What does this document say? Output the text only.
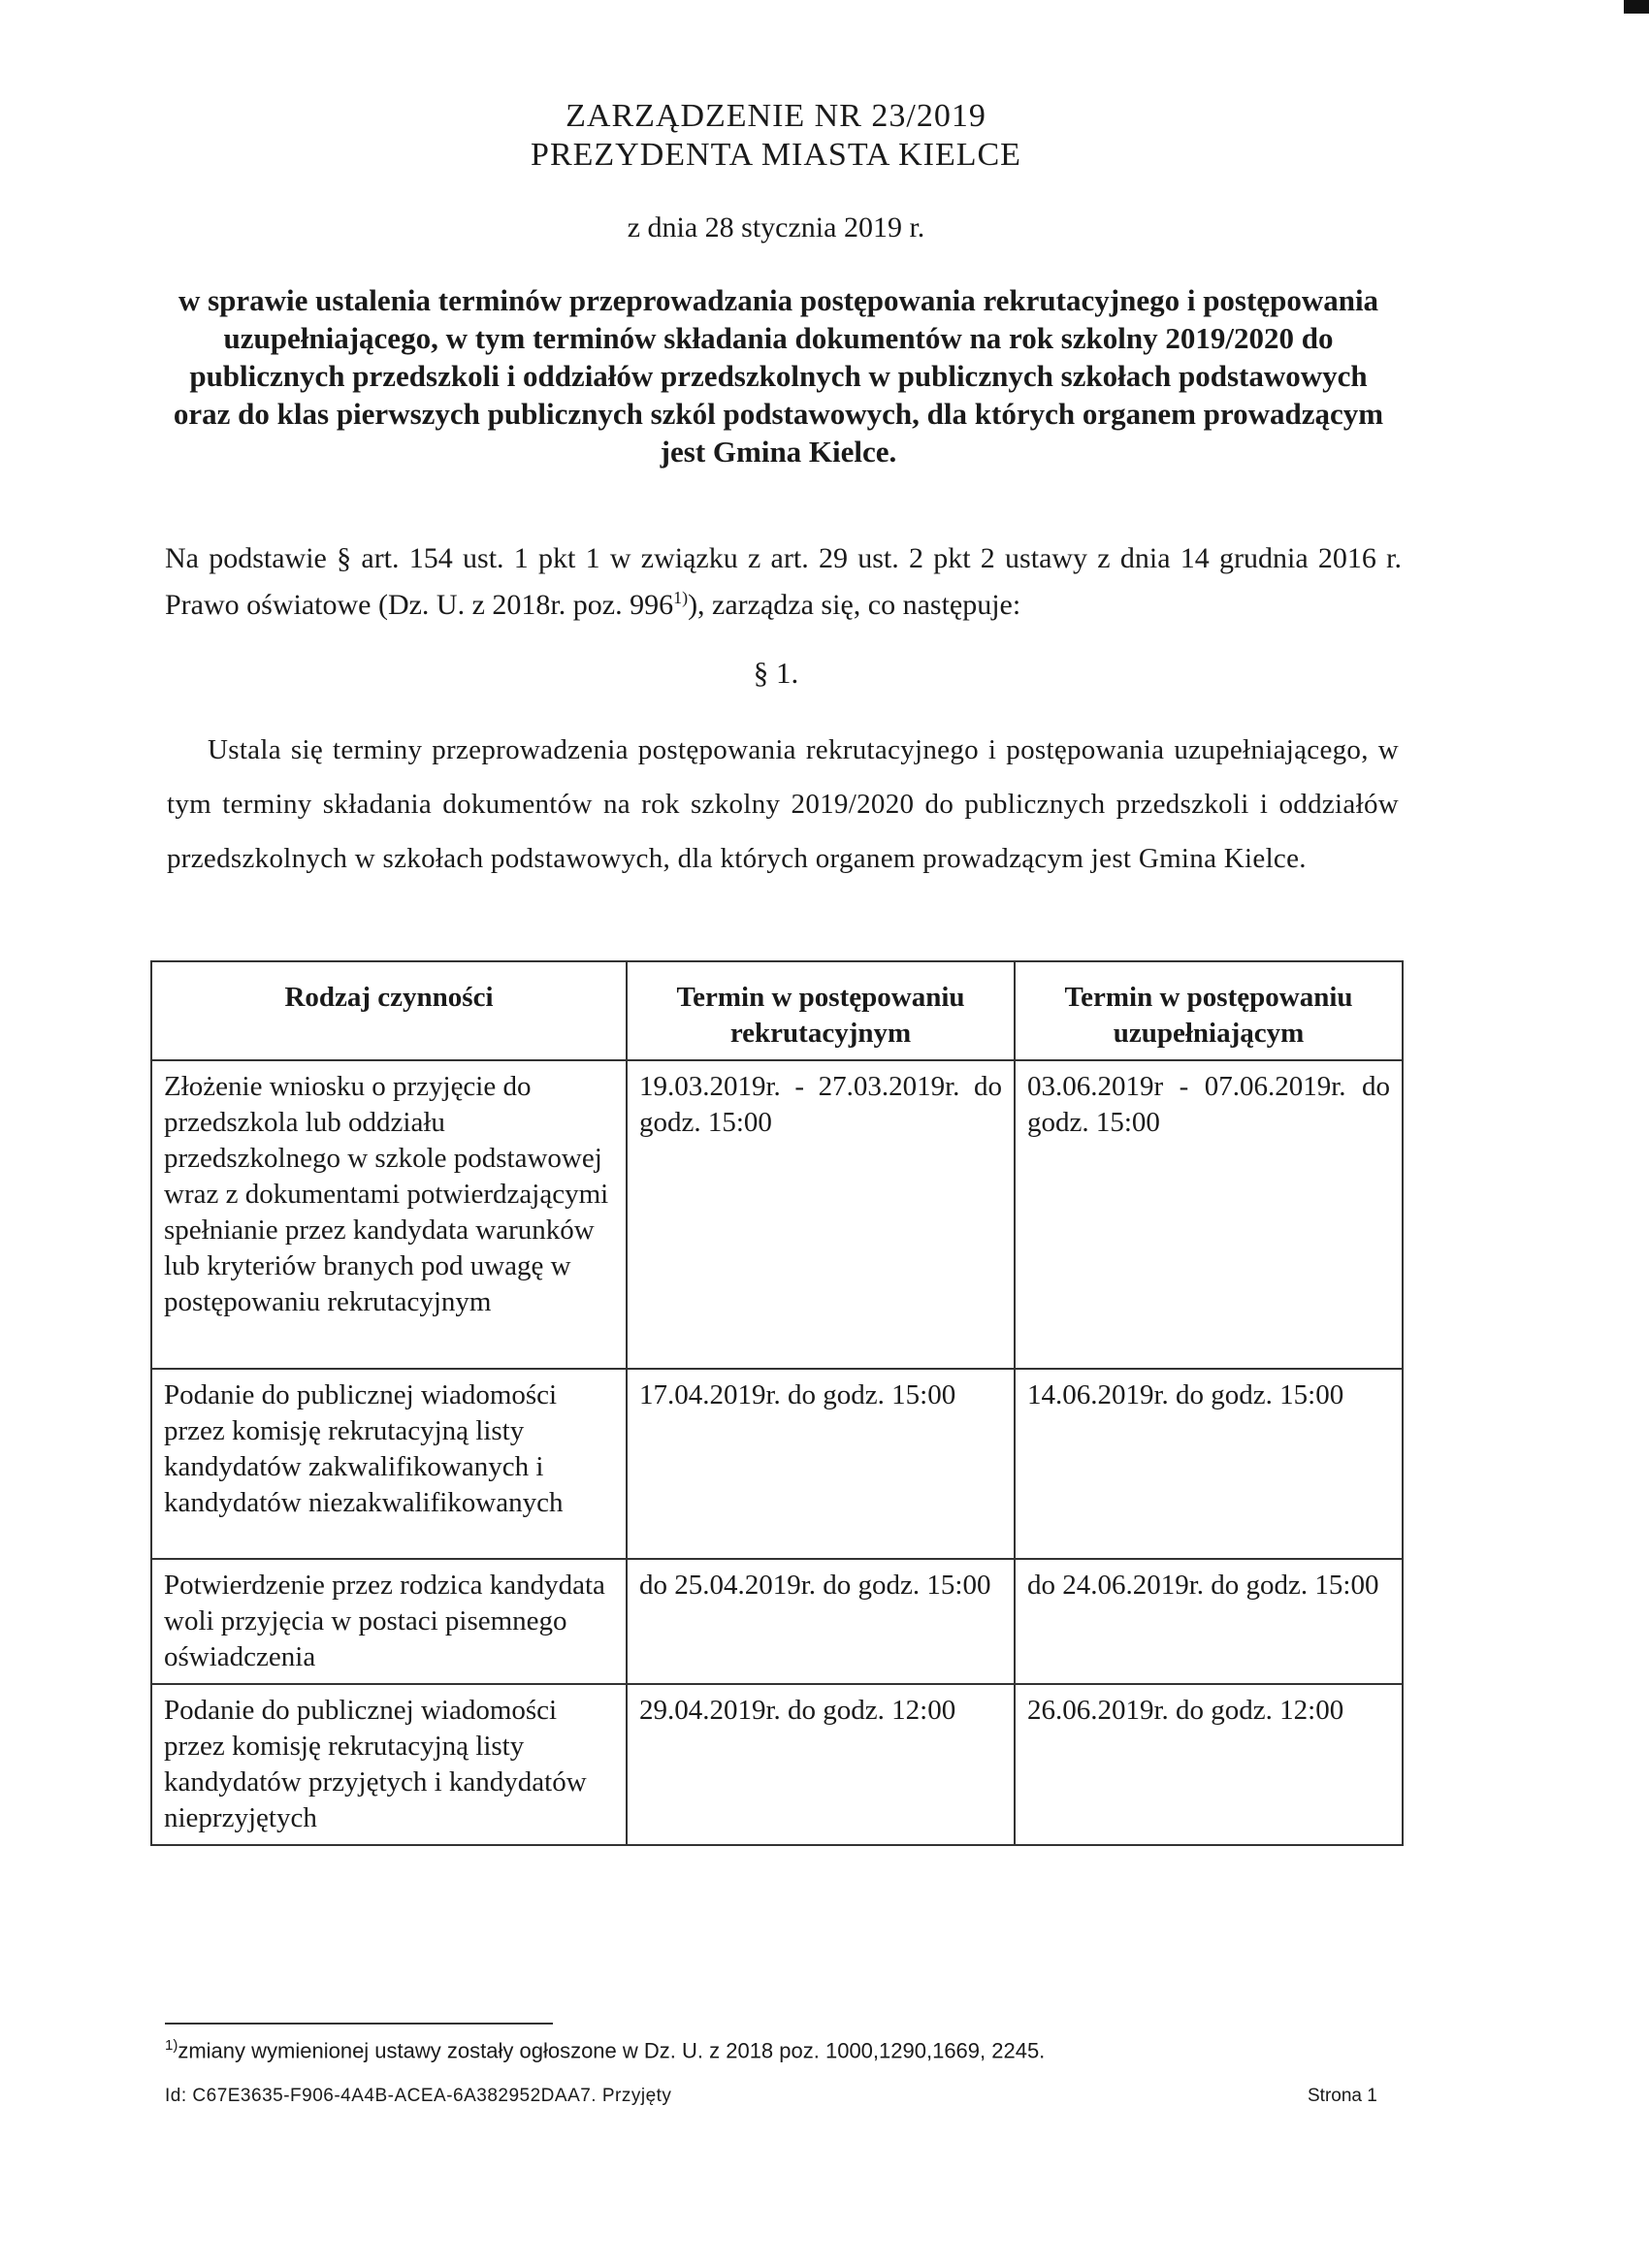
ZARZĄDZENIE NR 23/2019
PREZYDENTA MIASTA KIELCE
z dnia 28 stycznia 2019 r.
w sprawie ustalenia terminów przeprowadzania postępowania rekrutacyjnego i postępowania uzupełniającego, w tym terminów składania dokumentów na rok szkolny 2019/2020 do publicznych przedszkoli i oddziałów przedszkolnych w publicznych szkołach podstawowych oraz do klas pierwszych publicznych szkól podstawowych, dla których organem prowadzącym jest Gmina Kielce.
Na podstawie § art. 154 ust. 1 pkt 1 w związku z art. 29 ust. 2 pkt 2 ustawy z dnia 14 grudnia 2016 r. Prawo oświatowe (Dz. U. z 2018r. poz. 996$^{1)}$), zarządza się, co następuje:
§ 1.
Ustala się terminy przeprowadzenia postępowania rekrutacyjnego i postępowania uzupełniającego, w tym terminy składania dokumentów na rok szkolny 2019/2020 do publicznych przedszkoli i oddziałów przedszkolnych w szkołach podstawowych, dla których organem prowadzącym jest Gmina Kielce.
Rodzaj czynności	Termin w postępowaniu rekrutacyjnym	Termin w postępowaniu uzupełniającym
Złożenie wniosku o przyjęcie do przedszkola lub oddziału przedszkolnego w szkole podstawowej wraz z dokumentami potwierdzającymi spełnianie przez kandydata warunków lub kryteriów branych pod uwagę w postępowaniu rekrutacyjnym	19.03.2019r. - 27.03.2019r. do godz. 15:00	03.06.2019r - 07.06.2019r. do godz. 15:00
Podanie do publicznej wiadomości przez komisję rekrutacyjną listy kandydatów zakwalifikowanych i kandydatów niezakwalifikowanych	17.04.2019r. do godz. 15:00	14.06.2019r. do godz. 15:00
Potwierdzenie przez rodzica kandydata woli przyjęcia w postaci pisemnego oświadczenia	do 25.04.2019r. do godz. 15:00	do 24.06.2019r. do godz. 15:00
Podanie do publicznej wiadomości przez komisję rekrutacyjną listy kandydatów przyjętych i kandydatów nieprzyjętych	29.04.2019r. do godz. 12:00	26.06.2019r. do godz. 12:00
$^{1)}$zmiany wymienionej ustawy zostały ogłoszone w Dz. U. z 2018 poz. 1000,1290,1669, 2245.
Id: C67E3635-F906-4A4B-ACEA-6A382952DAA7. Przyjęty	Strona 1
